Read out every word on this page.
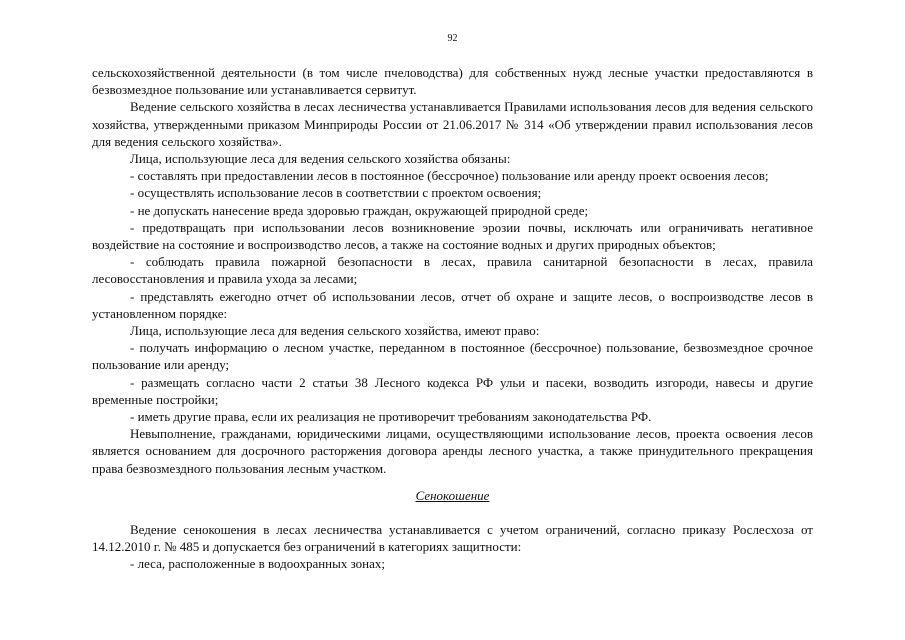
92

сельскохозяйственной деятельности (в том числе пчеловодства) для собственных нужд лесные участки предоставляются в безвозмездное пользование или устанавливается сервитут.

Ведение сельского хозяйства в лесах лесничества устанавливается Правилами использования лесов для ведения сельского хозяйства, утвержденными приказом Минприроды России от 21.06.2017 № 314 «Об утверждении правил использования лесов для ведения сельского хозяйства».

Лица, использующие леса для ведения сельского хозяйства обязаны:

- составлять при предоставлении лесов в постоянное (бессрочное) пользование или аренду проект освоения лесов;

- осуществлять использование лесов в соответствии с проектом освоения;

- не допускать нанесение вреда здоровью граждан, окружающей природной среде;

- предотвращать при использовании лесов возникновение эрозии почвы, исключать или ограничивать негативное воздействие на состояние и воспроизводство лесов, а также на состояние водных и других природных объектов;

- соблюдать правила пожарной безопасности в лесах, правила санитарной безопасности в лесах, правила лесовосстановления и правила ухода за лесами;

- представлять ежегодно отчет об использовании лесов, отчет об охране и защите лесов, о воспроизводстве лесов в установленном порядке:

Лица, использующие леса для ведения сельского хозяйства, имеют право:

- получать информацию о лесном участке, переданном в постоянное (бессрочное) пользование, безвозмездное срочное пользование или аренду;

- размещать согласно части 2 статьи 38 Лесного кодекса РФ ульи и пасеки, возводить изгороди, навесы и другие временные постройки;

- иметь другие права, если их реализация не противоречит требованиям законодательства РФ.

Невыполнение, гражданами, юридическими лицами, осуществляющими использование лесов, проекта освоения лесов является основанием для досрочного расторжения договора аренды лесного участка, а также принудительного прекращения права безвозмездного пользования лесным участком.

Сенокошение

Ведение сенокошения в лесах лесничества устанавливается с учетом ограничений, согласно приказу Рослесхоза от 14.12.2010 г. № 485 и допускается без ограничений в категориях защитности:

- леса, расположенные в водоохранных зонах;
